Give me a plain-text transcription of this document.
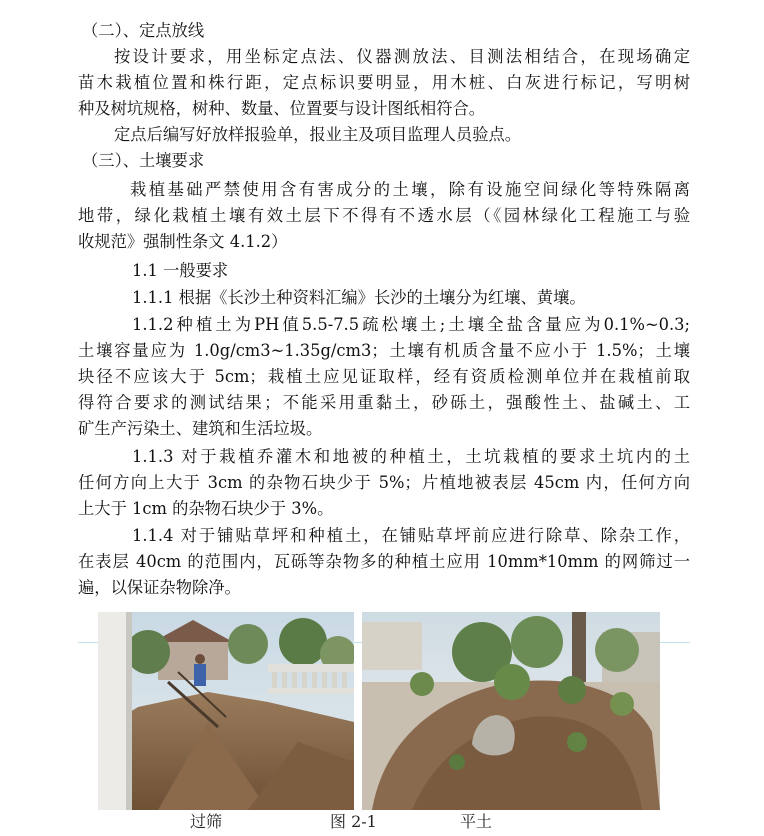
（二）、定点放线
按设计要求，用坐标定点法、仪器测放法、目测法相结合，在现场确定
苗木栽植位置和株行距，定点标识要明显，用木桩、白灰进行标记，写明树
种及树坑规格，树种、数量、位置要与设计图纸相符合。
定点后编写好放样报验单，报业主及项目监理人员验点。
（三）、土壤要求
栽植基础严禁使用含有害成分的土壤，除有设施空间绿化等特殊隔离
地带，绿化栽植土壤有效土层下不得有不透水层（《园林绿化工程施工与验
收规范》强制性条文 4.1.2）
1.1 一般要求
1.1.1 根据《长沙土种资料汇编》长沙的土壤分为红壤、黄壤。
1.1.2种植土为PH值5.5-7.5疏松壤土;土壤全盐含量应为0.1%~0.3;
土壤容量应为 1.0g/cm3~1.35g/cm3；土壤有机质含量不应小于 1.5%；土壤
块径不应该大于 5cm；栽植土应见证取样，经有资质检测单位并在栽植前取
得符合要求的测试结果；不能采用重黏土，砂砾土，强酸性土、盐碱土、工
矿生产污染土、建筑和生活垃圾。
1.1.3 对于栽植乔灌木和地被的种植土，土坑栽植的要求土坑内的土
任何方向上大于 3cm 的杂物石块少于 5%；片植地被表层 45cm 内，任何方向
上大于 1cm 的杂物石块少于 3%。
1.1.4 对于铺贴草坪和种植土，在铺贴草坪前应进行除草、除杂工作，
在表层 40cm 的范围内，瓦砾等杂物多的种植土应用 10mm*10mm 的网筛过一
遍，以保证杂物除净。
过筛	图 2-1	平土
